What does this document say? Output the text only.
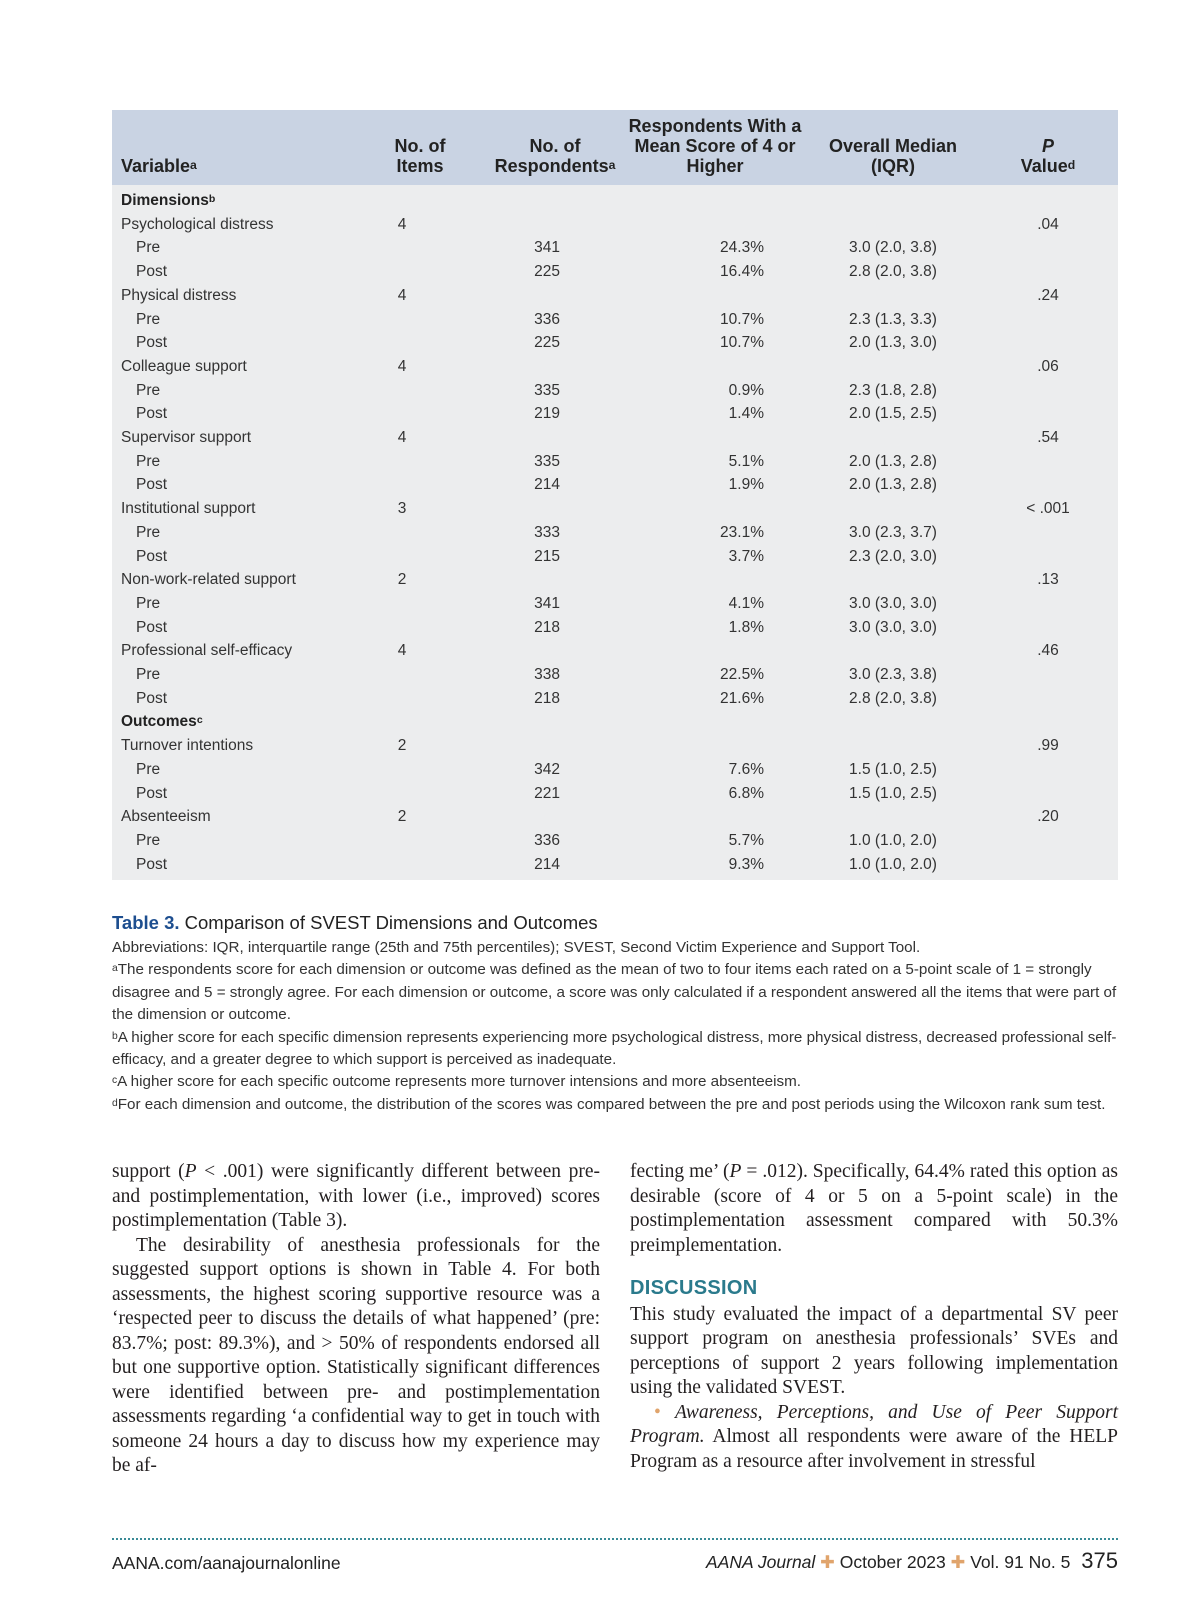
Variable$^a$	No. of Items	No. of Respondents$^a$	Respondents With a Mean Score of 4 or Higher	Overall Median (IQR)	P
Value$^d$
Dimensions$^b$
Psychological distress	4				.04
Pre		341	24.3%	3.0 (2.0, 3.8)	
Post		225	16.4%	2.8 (2.0, 3.8)	
Physical distress	4				.24
Pre		336	10.7%	2.3 (1.3, 3.3)	
Post		225	10.7%	2.0 (1.3, 3.0)	
Colleague support	4				.06
Pre		335	0.9%	2.3 (1.8, 2.8)	
Post		219	1.4%	2.0 (1.5, 2.5)	
Supervisor support	4				.54
Pre		335	5.1%	2.0 (1.3, 2.8)	
Post		214	1.9%	2.0 (1.3, 2.8)	
Institutional support	3				< .001
Pre		333	23.1%	3.0 (2.3, 3.7)	
Post		215	3.7%	2.3 (2.0, 3.0)	
Non-work-related support	2				.13
Pre		341	4.1%	3.0 (3.0, 3.0)	
Post		218	1.8%	3.0 (3.0, 3.0)	
Professional self-efficacy	4				.46
Pre		338	22.5%	3.0 (2.3, 3.8)	
Post		218	21.6%	2.8 (2.0, 3.8)	
Outcomes$^c$
Turnover intentions	2				.99
Pre		342	7.6%	1.5 (1.0, 2.5)	
Post		221	6.8%	1.5 (1.0, 2.5)	
Absenteeism	2				.20
Pre		336	5.7%	1.0 (1.0, 2.0)	
Post		214	9.3%	1.0 (1.0, 2.0)	
Table 3. Comparison of SVEST Dimensions and Outcomes

Abbreviations: IQR, interquartile range (25th and 75th percentiles); SVEST, Second Victim Experience and Support Tool.

$^a$The respondents score for each dimension or outcome was defined as the mean of two to four items each rated on a 5-point scale of 1 = strongly disagree and 5 = strongly agree. For each dimension or outcome, a score was only calculated if a respondent answered all the items that were part of the dimension or outcome.

$^b$A higher score for each specific dimension represents experiencing more psychological distress, more physical distress, decreased professional self-efficacy, and a greater degree to which support is perceived as inadequate.

$^c$A higher score for each specific outcome represents more turnover intensions and more absenteeism.

$^d$For each dimension and outcome, the distribution of the scores was compared between the pre and post periods using the Wilcoxon rank sum test.

support (P < .001) were significantly different between pre- and postimplementation, with lower (i.e., improved) scores postimplementation (Table 3).

The desirability of anesthesia professionals for the suggested support options is shown in Table 4. For both assessments, the highest scoring supportive resource was a ‘respected peer to discuss the details of what happened’ (pre: 83.7%; post: 89.3%), and > 50% of respondents endorsed all but one supportive option. Statistically significant differences were identified between pre- and postimplementation assessments regarding ‘a confidential way to get in touch with someone 24 hours a day to discuss how my experience may be af-

fecting me’ (P = .012). Specifically, 64.4% rated this option as desirable (score of 4 or 5 on a 5-point scale) in the postimplementation assessment compared with 50.3% preimplementation.

DISCUSSION

This study evaluated the impact of a departmental SV peer support program on anesthesia professionals’ SVEs and perceptions of support 2 years following implementation using the validated SVEST.

• Awareness, Perceptions, and Use of Peer Support Program. Almost all respondents were aware of the HELP Program as a resource after involvement in stressful

AANA.com/aanajournalonline	AANA Journal ✚ October 2023 ✚ Vol. 91 No. 5 375
